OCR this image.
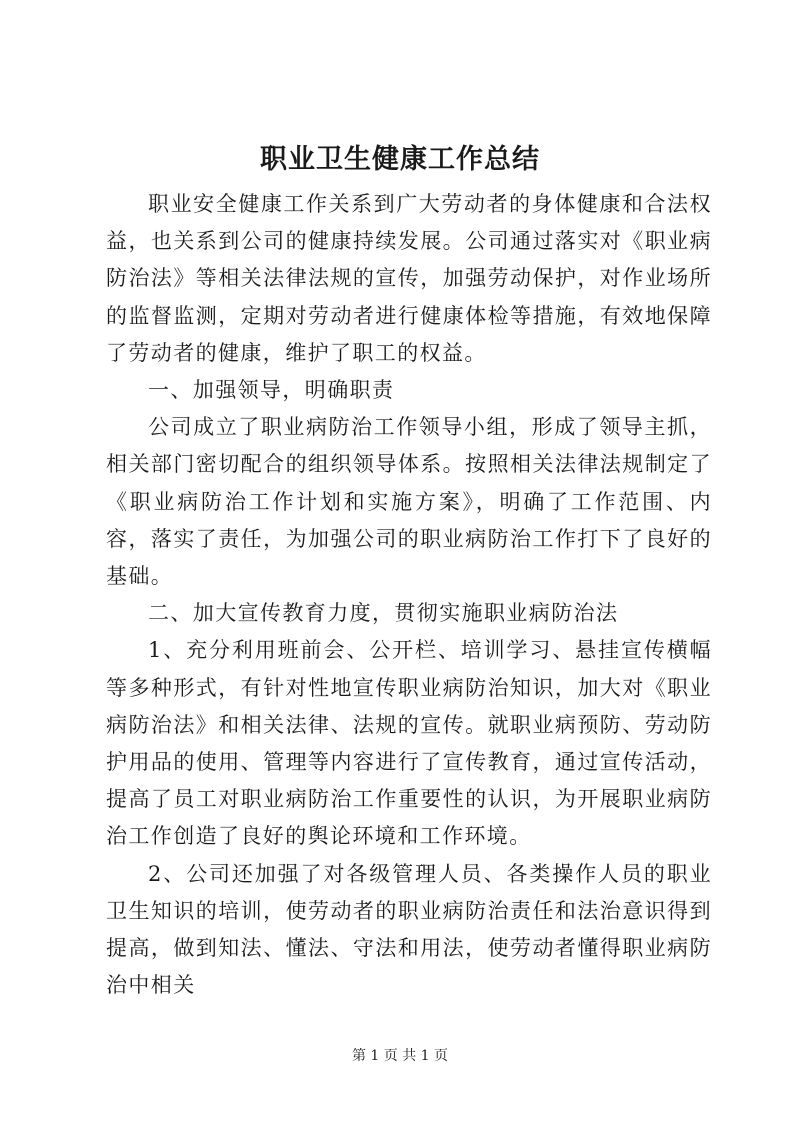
职业卫生健康工作总结

职业安全健康工作关系到广大劳动者的身体健康和合法权益，也关系到公司的健康持续发展。公司通过落实对《职业病防治法》等相关法律法规的宣传，加强劳动保护，对作业场所的监督监测，定期对劳动者进行健康体检等措施，有效地保障了劳动者的健康，维护了职工的权益。

一、加强领导，明确职责

公司成立了职业病防治工作领导小组，形成了领导主抓，相关部门密切配合的组织领导体系。按照相关法律法规制定了《职业病防治工作计划和实施方案》，明确了工作范围、内容，落实了责任，为加强公司的职业病防治工作打下了良好的基础。

二、加大宣传教育力度，贯彻实施职业病防治法

1、充分利用班前会、公开栏、培训学习、悬挂宣传横幅等多种形式，有针对性地宣传职业病防治知识，加大对《职业病防治法》和相关法律、法规的宣传。就职业病预防、劳动防护用品的使用、管理等内容进行了宣传教育，通过宣传活动，提高了员工对职业病防治工作重要性的认识，为开展职业病防治工作创造了良好的舆论环境和工作环境。

2、公司还加强了对各级管理人员、各类操作人员的职业卫生知识的培训，使劳动者的职业病防治责任和法治意识得到提高，做到知法、懂法、守法和用法，使劳动者懂得职业病防治中相关

第 1 页 共 1 页
